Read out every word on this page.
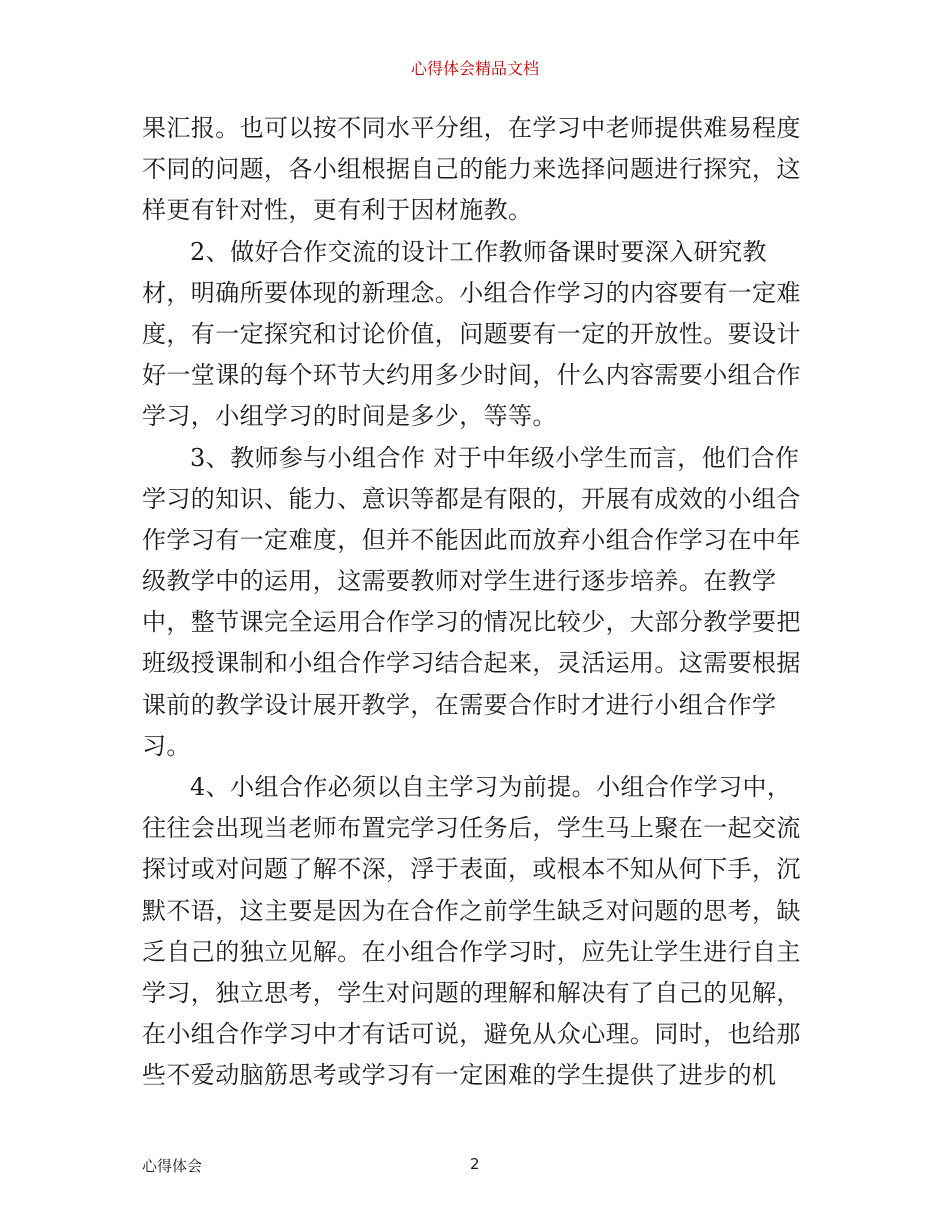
心得体会精品文档
果汇报。也可以按不同水平分组，在学习中老师提供难易程度
不同的问题，各小组根据自己的能力来选择问题进行探究，这
样更有针对性，更有利于因材施教。
2、做好合作交流的设计工作教师备课时要深入研究教
材，明确所要体现的新理念。小组合作学习的内容要有一定难
度，有一定探究和讨论价值，问题要有一定的开放性。要设计
好一堂课的每个环节大约用多少时间，什么内容需要小组合作
学习，小组学习的时间是多少，等等。
3、教师参与小组合作 对于中年级小学生而言，他们合作
学习的知识、能力、意识等都是有限的，开展有成效的小组合
作学习有一定难度，但并不能因此而放弃小组合作学习在中年
级教学中的运用，这需要教师对学生进行逐步培养。在教学
中，整节课完全运用合作学习的情况比较少，大部分教学要把
班级授课制和小组合作学习结合起来，灵活运用。这需要根据
课前的教学设计展开教学，在需要合作时才进行小组合作学
习。
4、小组合作必须以自主学习为前提。小组合作学习中，
往往会出现当老师布置完学习任务后，学生马上聚在一起交流
探讨或对问题了解不深，浮于表面，或根本不知从何下手，沉
默不语，这主要是因为在合作之前学生缺乏对问题的思考，缺
乏自己的独立见解。在小组合作学习时，应先让学生进行自主
学习，独立思考，学生对问题的理解和解决有了自己的见解，
在小组合作学习中才有话可说，避免从众心理。同时，也给那
些不爱动脑筋思考或学习有一定困难的学生提供了进步的机
心得体会	2
